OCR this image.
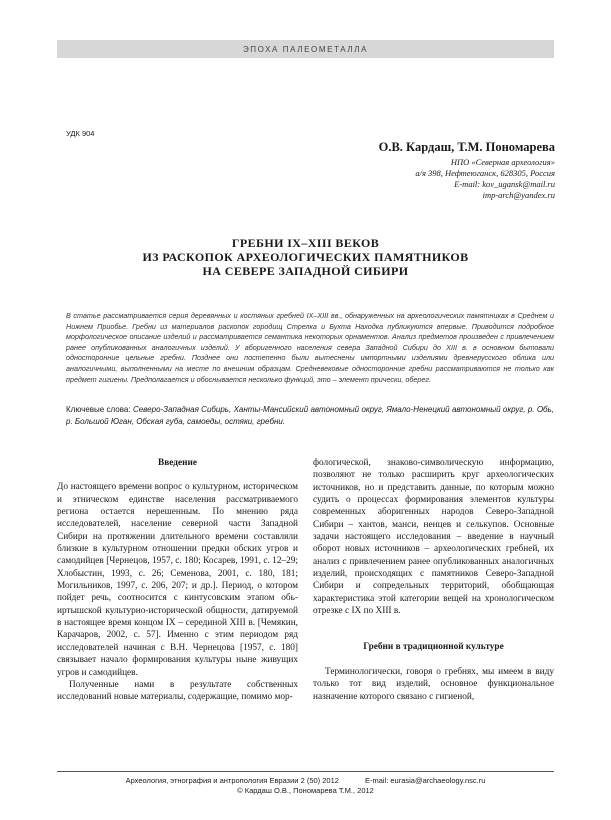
ЭПОХА ПАЛЕОМЕТАЛЛА
УДК 904
О.В. Кардаш, Т.М. Пономарева
НПО «Северная археология»
а/я 398, Нефтеюганск, 628305, Россия
E-mail: kov_ugansk@mail.ru
imp-arch@yandex.ru
ГРЕБНИ IX–XIII ВЕКОВ
ИЗ РАСКОПОК АРХЕОЛОГИЧЕСКИХ ПАМЯТНИКОВ
НА СЕВЕРЕ ЗАПАДНОЙ СИБИРИ
В статье рассматривается серия деревянных и костяных гребней IX–XIII вв., обнаруженных на археологических памятниках в Среднем и Нижнем Приобье. Гребни из материалов раскопок городищ Стрелка и Бухта Находка публикуются впервые. Приводится подробное морфологическое описание изделий и рассматривается семантика некоторых орнаментов. Анализ предметов произведен с привлечением ранее опубликованных аналогичных изделий. У аборигенного населения севера Западной Сибири до XIII в. в основном бытовали односторонние цельные гребни. Позднее они постепенно были вытеснены импортными изделиями древнерусского облика или аналогичными, выполненными на месте по внешним образцам. Средневековые односторонние гребни рассматриваются не только как предмет гигиены. Предполагается и обоснывается несколько функций, это – элемент прически, оберег.
Ключевые слова: Северо-Западная Сибирь, Ханты-Мансийский автономный округ, Ямало-Ненецкий автономный округ, р. Обь, р. Большой Юган, Обская губа, самоеды, остяки, гребни.
Введение

До настоящего времени вопрос о культурном, историческом и этническом единстве населения рассматриваемого региона остается нерешенным. По мнению ряда исследователей, население северной части Западной Сибири на протяжении длительного времени составляли близкие в культурном отношении предки обских угров и самодийцев [Чернецов, 1957, с. 180; Косарев, 1991, с. 12–29; Хлобыстин, 1993, с. 26; Семенова, 2001, с. 180, 181; Могильников, 1997, с. 206, 207; и др.]. Период, о котором пойдет речь, соотносится с кинтусовским этапом обь-иртышской культурно-исторической общности, датируемой в настоящее время концом IX – серединой XIII в. [Чемякин, Карачаров, 2002, с. 57]. Именно с этим периодом ряд исследователей начиная с В.Н. Чернецова [1957, с. 180] связывает начало формирования культуры ныне живущих угров и самодийцев.

Полученные нами в результате собственных исследований новые материалы, содержащие, помимо мор-

фологической, знаково-символическую информацию, позволяют не только расширить круг археологических источников, но и представить данные, по которым можно судить о процессах формирования элементов культуры современных аборигенных народов Северо-Западной Сибири – хантов, манси, ненцев и селькупов. Основные задачи настоящего исследования – введение в научный оборот новых источников – археологических гребней, их анализ с привлечением ранее опубликованных аналогичных изделий, происходящих с памятников Северо-Западной Сибири и сопредельных территорий, обобщающая характеристика этой категории вещей на хронологическом отрезке с IX по XIII в.

Гребни в традиционной культуре

Терминологически, говоря о гребнях, мы имеем в виду только тот вид изделий, основное функциональное назначение которого связано с гигиеной,

Археология, этнография и антропология Евразии 2 (50) 2012	E-mail: eurasia@archaeology.nsc.ru
© Кардаш О.В., Пономарева Т.М., 2012
